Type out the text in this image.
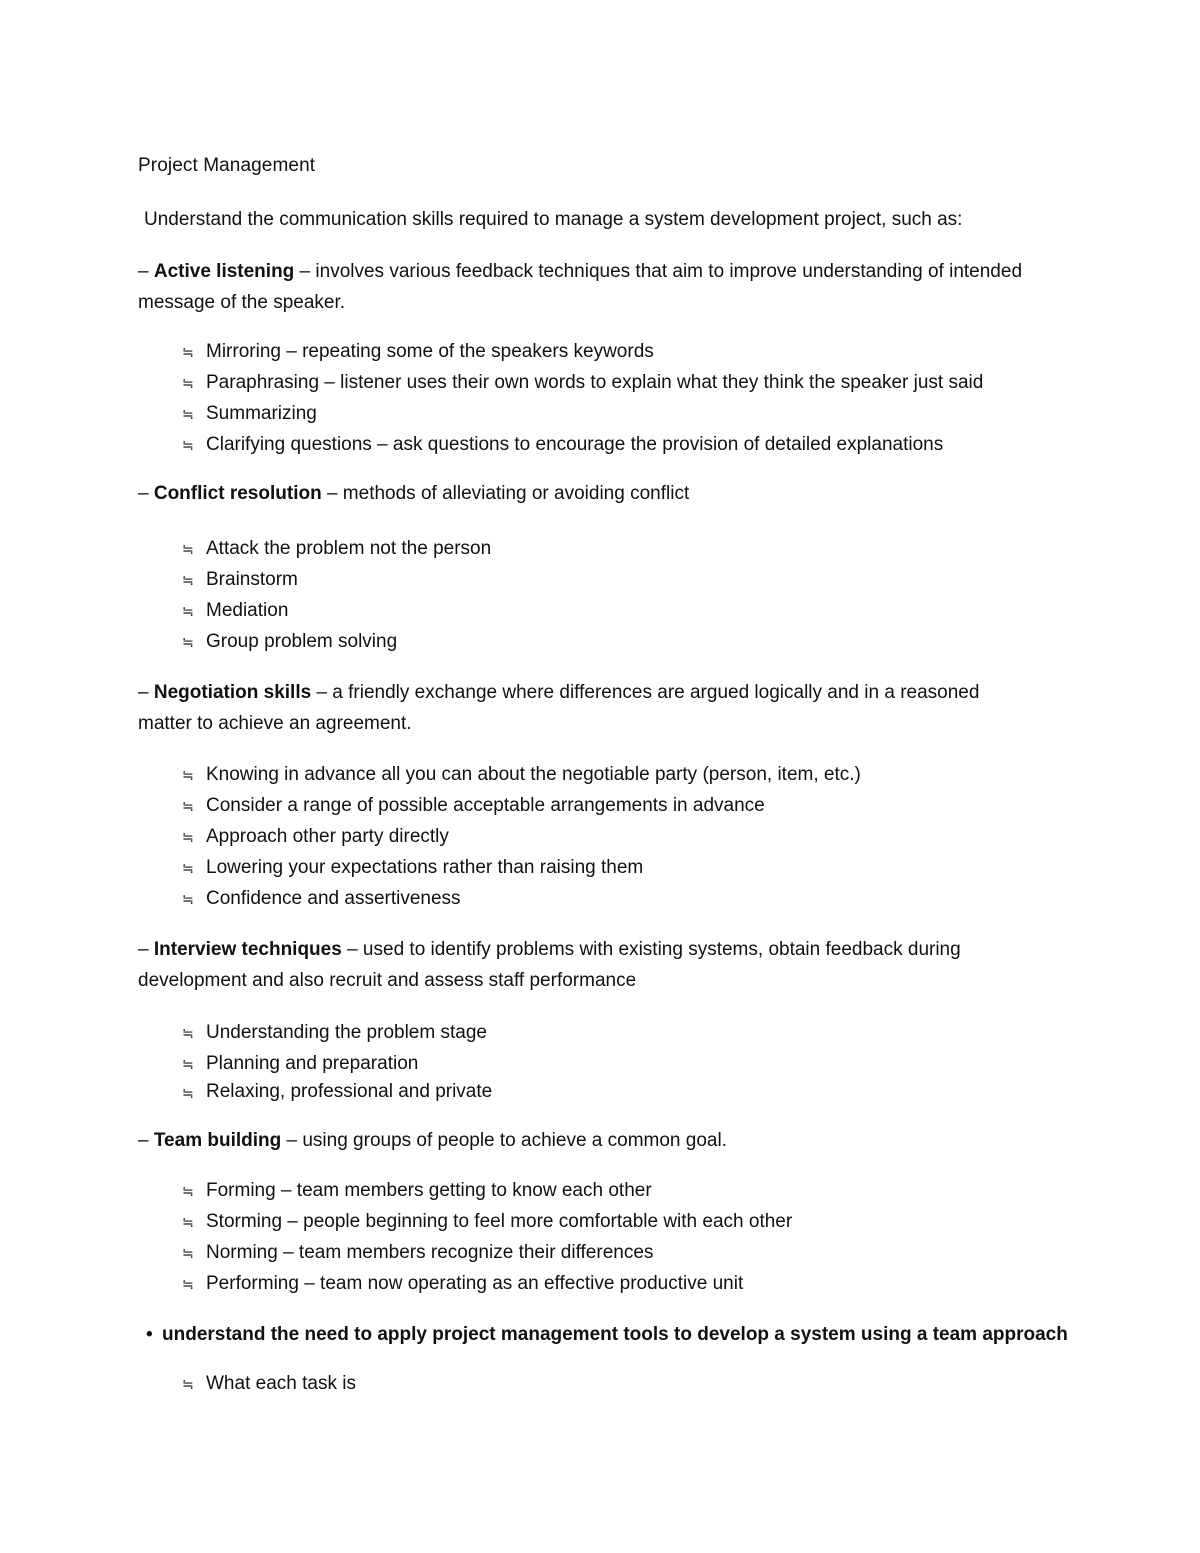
Project Management

Understand the communication skills required to manage a system development project, such as:

– Active listening – involves various feedback techniques that aim to improve understanding of intended message of the speaker.

≒ Mirroring – repeating some of the speakers keywords
≒ Paraphrasing – listener uses their own words to explain what they think the speaker just said
≒ Summarizing
≒ Clarifying questions – ask questions to encourage the provision of detailed explanations

– Conflict resolution – methods of alleviating or avoiding conflict

≒ Attack the problem not the person
≒ Brainstorm
≒ Mediation
≒ Group problem solving

– Negotiation skills – a friendly exchange where differences are argued logically and in a reasoned matter to achieve an agreement.

≒ Knowing in advance all you can about the negotiable party (person, item, etc.)
≒ Consider a range of possible acceptable arrangements in advance
≒ Approach other party directly
≒ Lowering your expectations rather than raising them
≒ Confidence and assertiveness

– Interview techniques – used to identify problems with existing systems, obtain feedback during development and also recruit and assess staff performance

≒ Understanding the problem stage
≒ Planning and preparation
≒ Relaxing, professional and private

– Team building – using groups of people to achieve a common goal.

≒ Forming – team members getting to know each other
≒ Storming – people beginning to feel more comfortable with each other
≒ Norming – team members recognize their differences
≒ Performing – team now operating as an effective productive unit

• understand the need to apply project management tools to develop a system using a team approach

≒ What each task is
